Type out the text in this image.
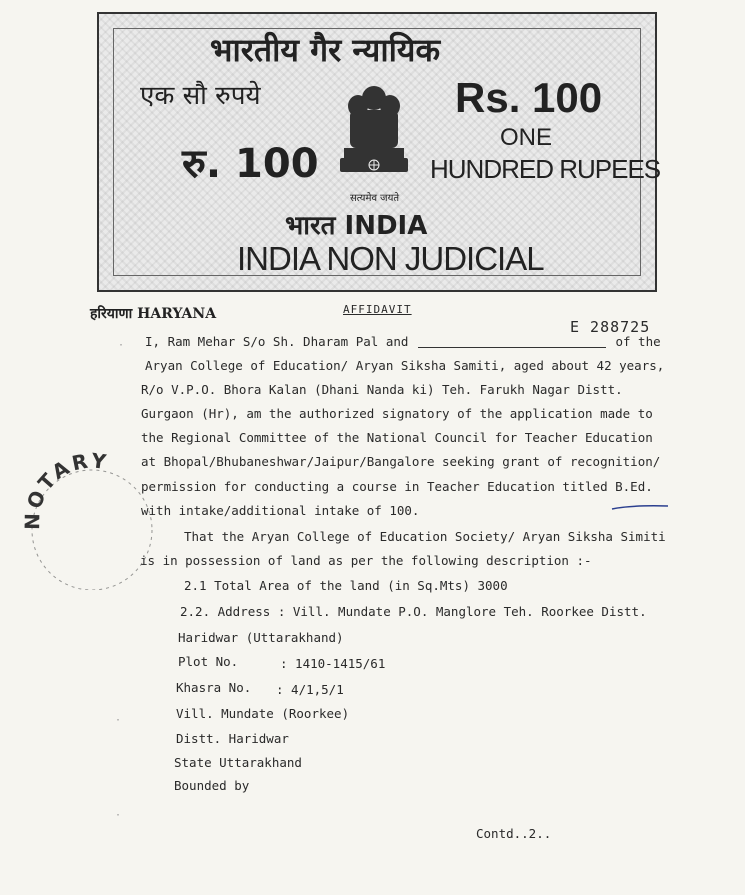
भारतीय गैर न्यायिक
एक सौ रुपये	Rs. 100
रु. 100
ONE
HUNDRED RUPEES
सत्यमेव जयते
भारत INDIA
INDIA NON JUDICIAL
हरियाणा HARYANA	AFFIDAVIT
E 288725
I, Ram Mehar S/o Sh. Dharam Pal and	of the
Aryan College of Education/ Aryan Siksha Samiti, aged about 42 years,
R/o V.P.O. Bhora Kalan (Dhani Nanda ki) Teh. Farukh Nagar Distt.
Gurgaon (Hr), am the authorized signatory of the application made to
the Regional Committee of the National Council for Teacher Education
at Bhopal/Bhubaneshwar/Jaipur/Bangalore seeking grant of recognition/
permission for conducting a course in Teacher Education titled B.Ed.
with intake/additional intake of 100.
That the Aryan College of Education Society/ Aryan Siksha Simiti
is in possession of land as per the following description :-
2.1 Total Area of the land (in Sq.Mts) 3000
2.2. Address : Vill. Mundate P.O. Manglore Teh. Roorkee Distt.
Haridwar (Uttarakhand)
Plot No.	: 1410-1415/61
Khasra No. : 4/1,5/1
Vill. Mundate (Roorkee)
Distt. Haridwar
State Uttarakhand
Bounded by
Contd..2..
NOTARY
·
·
·
